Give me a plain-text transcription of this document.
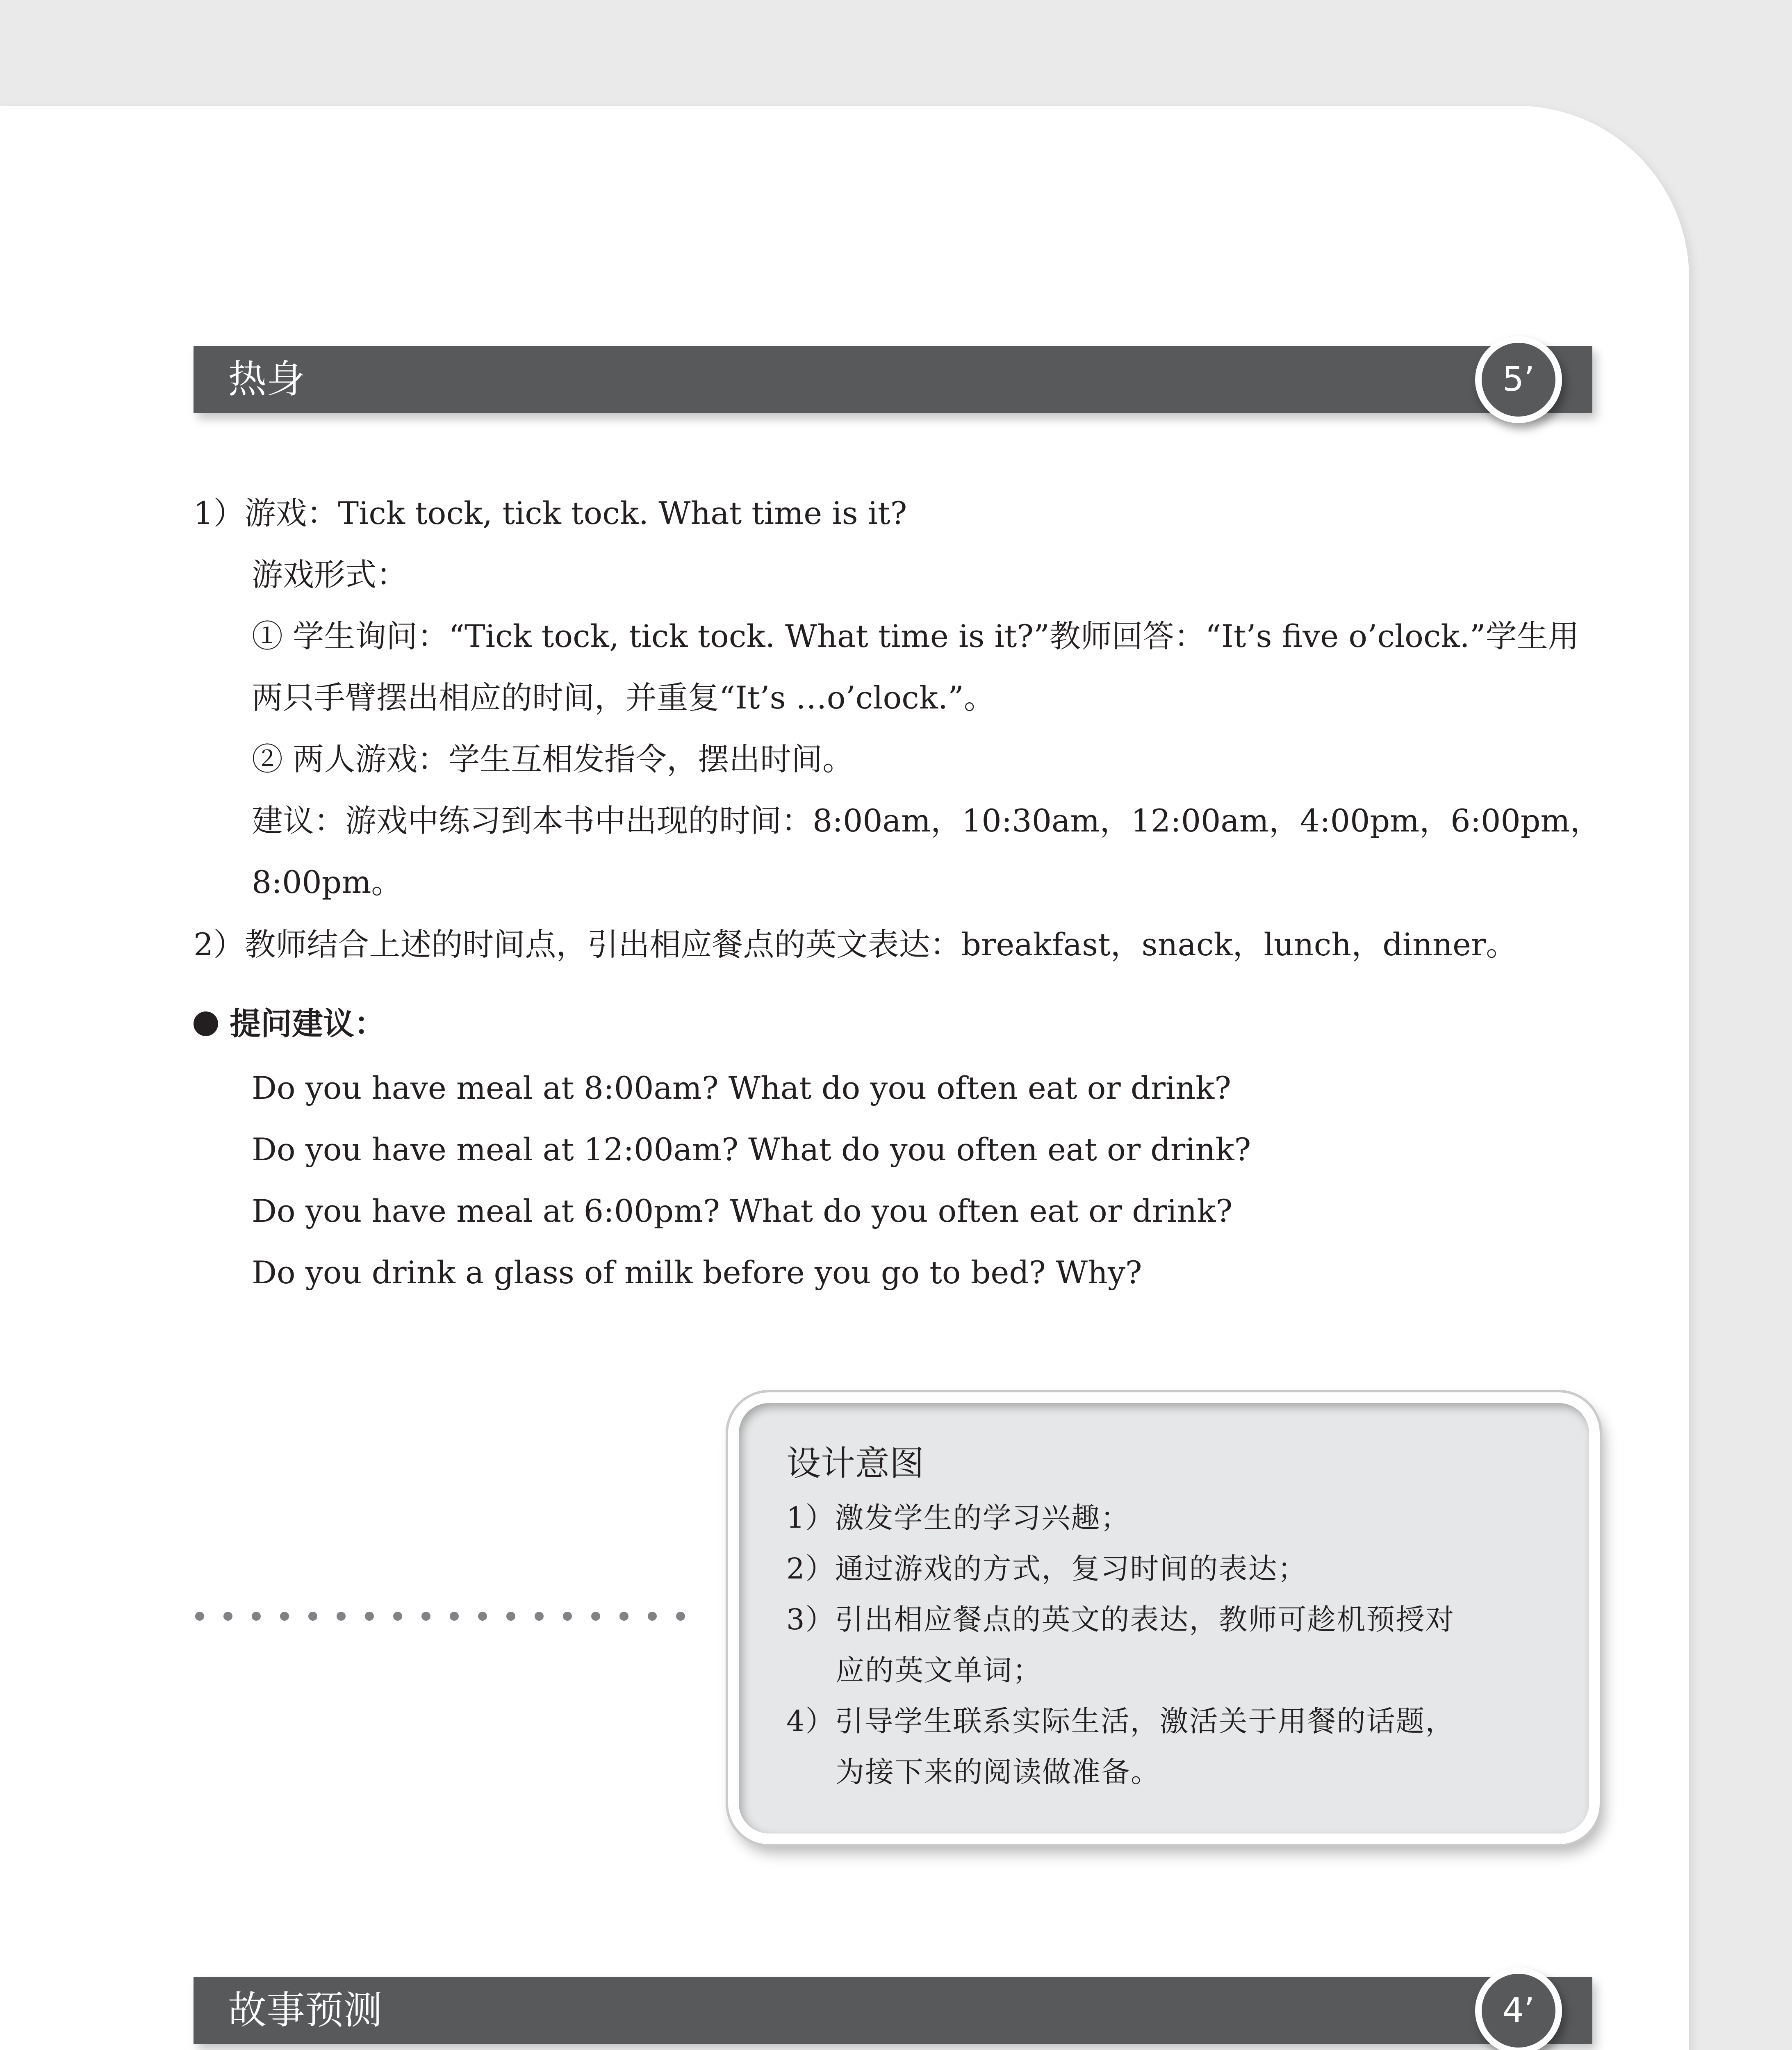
热身	5’
1）游戏：Tick tock, tick tock. What time is it?
游戏形式：
① 学生询问：“Tick tock, tick tock. What time is it?”教师回答：“It’s five o’clock.”学生用
两只手臂摆出相应的时间，并重复“It’s …o’clock.”。
② 两人游戏：学生互相发指令，摆出时间。
建议：游戏中练习到本书中出现的时间：8:00am，10:30am，12:00am，4:00pm，6:00pm，
8:00pm。
2）教师结合上述的时间点，引出相应餐点的英文表达：breakfast，snack，lunch，dinner。
提问建议：
Do you have meal at 8:00am? What do you often eat or drink?
Do you have meal at 12:00am? What do you often eat or drink?
Do you have meal at 6:00pm? What do you often eat or drink?
Do you drink a glass of milk before you go to bed? Why?
设计意图
1）激发学生的学习兴趣；
2）通过游戏的方式，复习时间的表达；
3）引出相应餐点的英文的表达，教师可趁机预授对
应的英文单词；
4）引导学生联系实际生活，激活关于用餐的话题，
为接下来的阅读做准备。
故事预测	4’
